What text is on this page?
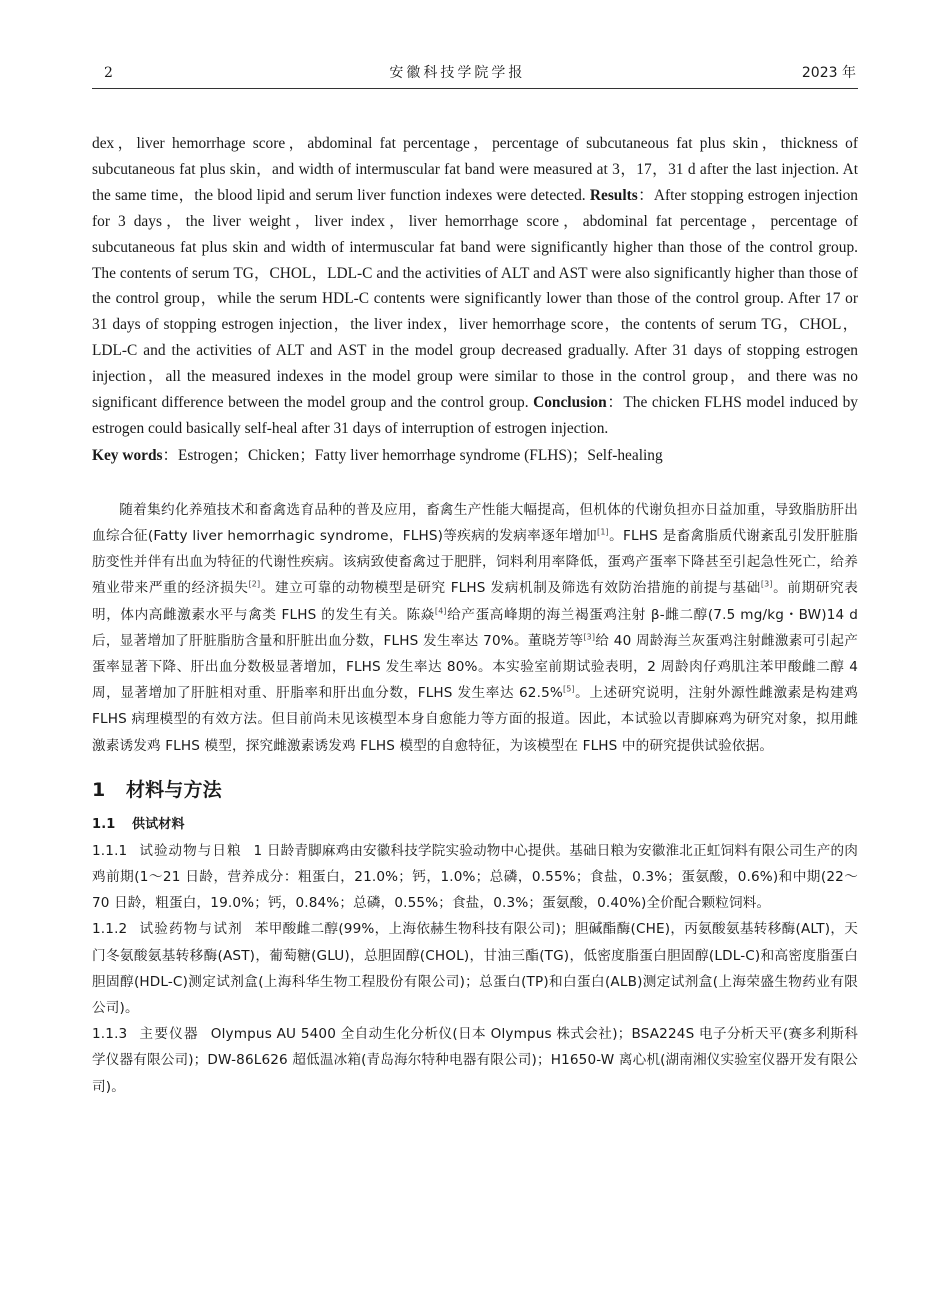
2	安徽科技学院学报	2023 年

dex，liver hemorrhage score，abdominal fat percentage，percentage of subcutaneous fat plus skin，thickness of subcutaneous fat plus skin，and width of intermuscular fat band were measured at 3，17，31 d after the last injection. At the same time，the blood lipid and serum liver function indexes were detected. Results：After stopping estrogen injection for 3 days，the liver weight，liver index，liver hemorrhage score，abdominal fat percentage，percentage of subcutaneous fat plus skin and width of intermuscular fat band were significantly higher than those of the control group. The contents of serum TG，CHOL，LDL-C and the activities of ALT and AST were also significantly higher than those of the control group，while the serum HDL-C contents were significantly lower than those of the control group. After 17 or 31 days of stopping estrogen injection，the liver index，liver hemorrhage score，the contents of serum TG，CHOL，LDL-C and the activities of ALT and AST in the model group decreased gradually. After 31 days of stopping estrogen injection，all the measured indexes in the model group were similar to those in the control group，and there was no significant difference between the model group and the control group. Conclusion：The chicken FLHS model induced by estrogen could basically self-heal after 31 days of interruption of estrogen injection.

Key words：Estrogen；Chicken；Fatty liver hemorrhage syndrome (FLHS)；Self-healing

随着集约化养殖技术和畜禽选育品种的普及应用，畜禽生产性能大幅提高，但机体的代谢负担亦日益加重，导致脂肪肝出血综合征(Fatty liver hemorrhagic syndrome，FLHS)等疾病的发病率逐年增加[1]。FLHS 是畜禽脂质代谢紊乱引发肝脏脂肪变性并伴有出血为特征的代谢性疾病。该病致使畜禽过于肥胖，饲料利用率降低，蛋鸡产蛋率下降甚至引起急性死亡，给养殖业带来严重的经济损失[2]。建立可靠的动物模型是研究 FLHS 发病机制及筛选有效防治措施的前提与基础[3]。前期研究表明，体内高雌激素水平与禽类 FLHS 的发生有关。陈焱[4]给产蛋高峰期的海兰褐蛋鸡注射 β-雌二醇(7.5 mg/kg・BW)14 d 后，显著增加了肝脏脂肪含量和肝脏出血分数，FLHS 发生率达 70%。董晓芳等[3]给 40 周龄海兰灰蛋鸡注射雌激素可引起产蛋率显著下降、肝出血分数极显著增加，FLHS 发生率达 80%。本实验室前期试验表明，2 周龄肉仔鸡肌注苯甲酸雌二醇 4 周，显著增加了肝脏相对重、肝脂率和肝出血分数，FLHS 发生率达 62.5%[5]。上述研究说明，注射外源性雌激素是构建鸡 FLHS 病理模型的有效方法。但目前尚未见该模型本身自愈能力等方面的报道。因此，本试验以青脚麻鸡为研究对象，拟用雌激素诱发鸡 FLHS 模型，探究雌激素诱发鸡 FLHS 模型的自愈特征，为该模型在 FLHS 中的研究提供试验依据。

1 材料与方法
1.1 供试材料

1.1.1 试验动物与日粮 1 日龄青脚麻鸡由安徽科技学院实验动物中心提供。基础日粮为安徽淮北正虹饲料有限公司生产的肉鸡前期(1～21 日龄，营养成分：粗蛋白，21.0%；钙，1.0%；总磷，0.55%；食盐，0.3%；蛋氨酸，0.6%)和中期(22～70 日龄，粗蛋白，19.0%；钙，0.84%；总磷，0.55%；食盐，0.3%；蛋氨酸，0.40%)全价配合颗粒饲料。

1.1.2 试验药物与试剂 苯甲酸雌二醇(99%，上海依赫生物科技有限公司)；胆碱酯酶(CHE)，丙氨酸氨基转移酶(ALT)，天门冬氨酸氨基转移酶(AST)，葡萄糖(GLU)，总胆固醇(CHOL)，甘油三酯(TG)，低密度脂蛋白胆固醇(LDL-C)和高密度脂蛋白胆固醇(HDL-C)测定试剂盒(上海科华生物工程股份有限公司)；总蛋白(TP)和白蛋白(ALB)测定试剂盒(上海荣盛生物药业有限公司)。

1.1.3 主要仪器 Olympus AU 5400 全自动生化分析仪(日本 Olympus 株式会社)；BSA224S 电子分析天平(赛多利斯科学仪器有限公司)；DW-86L626 超低温冰箱(青岛海尔特种电器有限公司)；H1650-W 离心机(湖南湘仪实验室仪器开发有限公司)。
